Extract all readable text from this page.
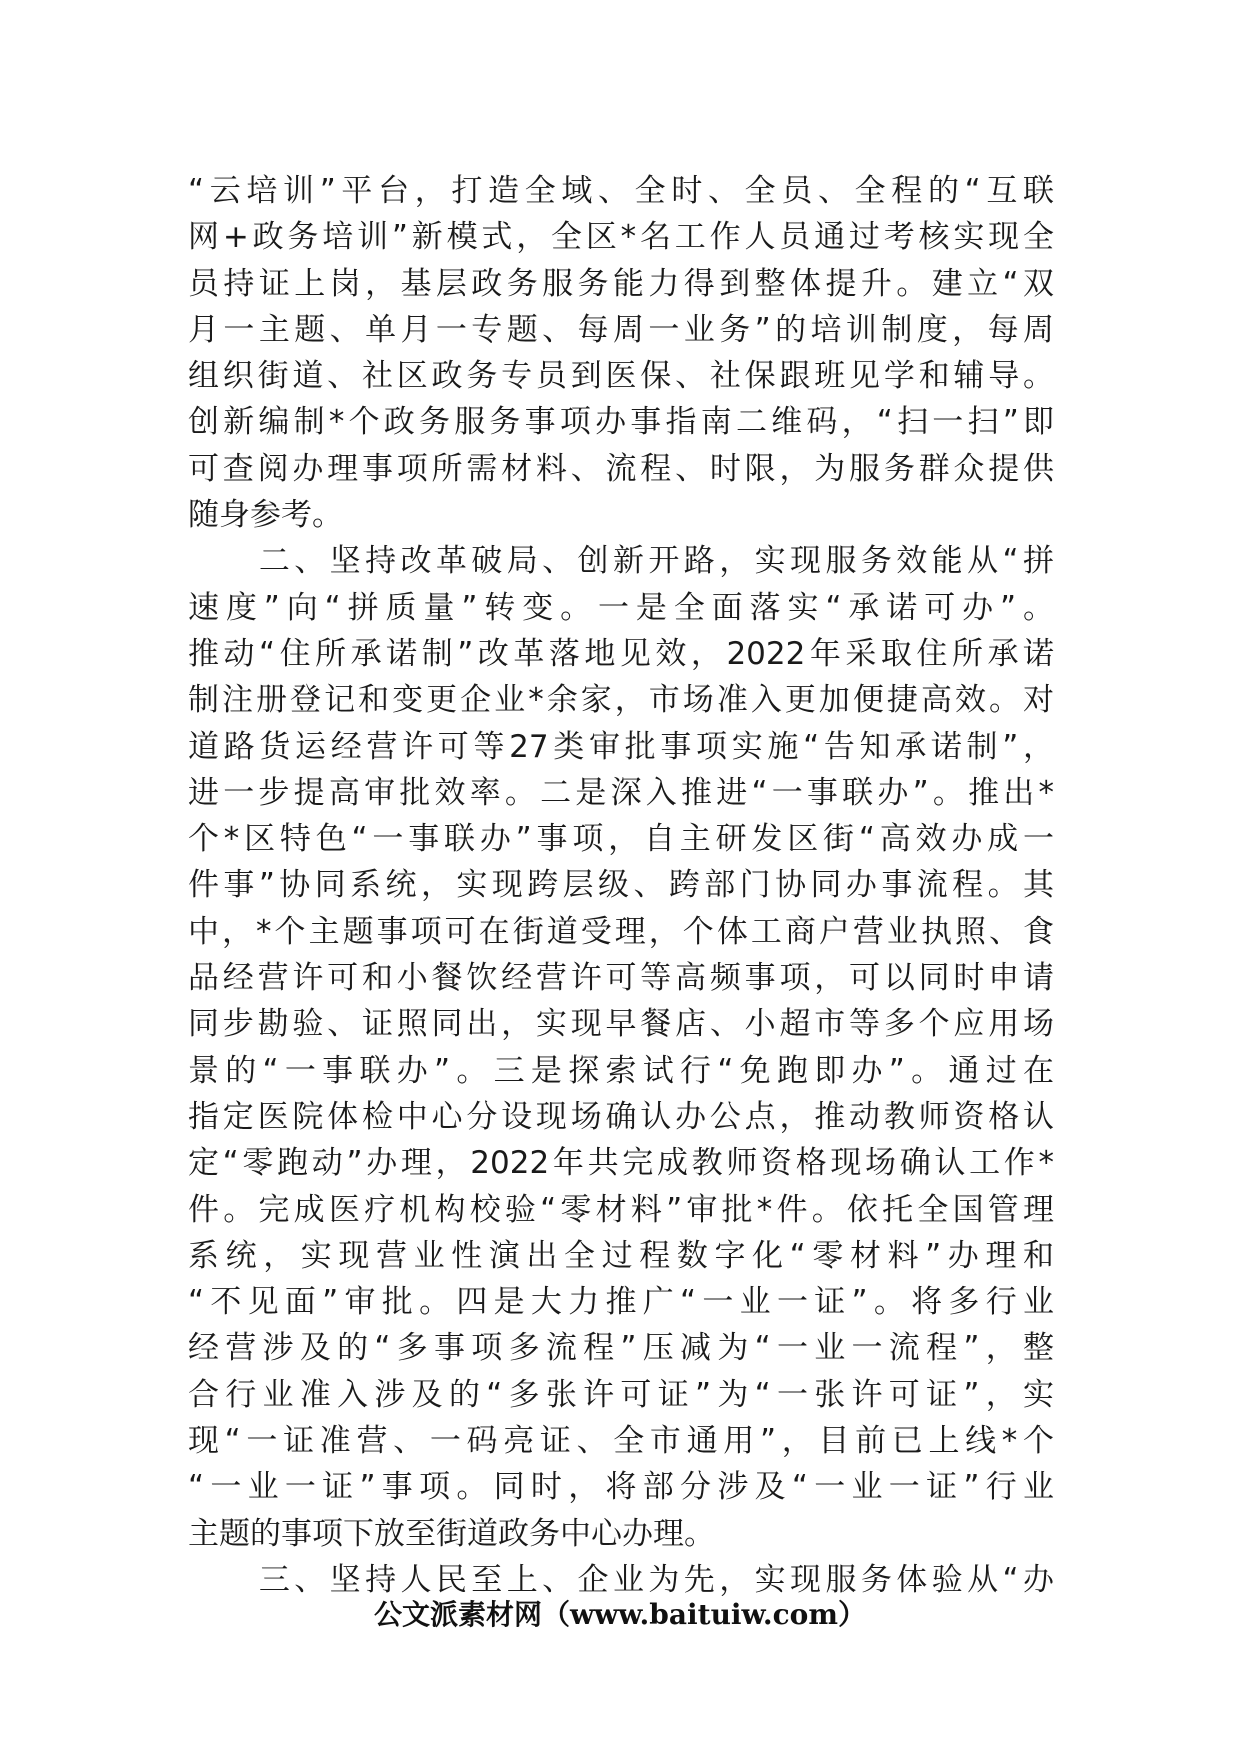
“云培训”平台，打造全域、全时、全员、全程的“互联
网+政务培训”新模式，全区*名工作人员通过考核实现全
员持证上岗，基层政务服务能力得到整体提升。建立“双
月一主题、单月一专题、每周一业务”的培训制度，每周
组织街道、社区政务专员到医保、社保跟班见学和辅导。
创新编制*个政务服务事项办事指南二维码，“扫一扫”即
可查阅办理事项所需材料、流程、时限，为服务群众提供
随身参考。
　　二、坚持改革破局、创新开路，实现服务效能从“拼
速度”向“拼质量”转变。一是全面落实“承诺可办”。
推动“住所承诺制”改革落地见效，2022年采取住所承诺
制注册登记和变更企业*余家，市场准入更加便捷高效。对
道路货运经营许可等27类审批事项实施“告知承诺制”，
进一步提高审批效率。二是深入推进“一事联办”。推出*
个*区特色“一事联办”事项，自主研发区街“高效办成一
件事”协同系统，实现跨层级、跨部门协同办事流程。其
中，*个主题事项可在街道受理，个体工商户营业执照、食
品经营许可和小餐饮经营许可等高频事项，可以同时申请
同步勘验、证照同出，实现早餐店、小超市等多个应用场
景的“一事联办”。三是探索试行“免跑即办”。通过在
指定医院体检中心分设现场确认办公点，推动教师资格认
定“零跑动”办理，2022年共完成教师资格现场确认工作*
件。完成医疗机构校验“零材料”审批*件。依托全国管理
系统，实现营业性演出全过程数字化“零材料”办理和
“不见面”审批。四是大力推广“一业一证”。将多行业
经营涉及的“多事项多流程”压减为“一业一流程”，整
合行业准入涉及的“多张许可证”为“一张许可证”，实
现“一证准营、一码亮证、全市通用”，目前已上线*个
“一业一证”事项。同时，将部分涉及“一业一证”行业
主题的事项下放至街道政务中心办理。
　　三、坚持人民至上、企业为先，实现服务体验从“办
公文派素材网（www.baituiw.com）
